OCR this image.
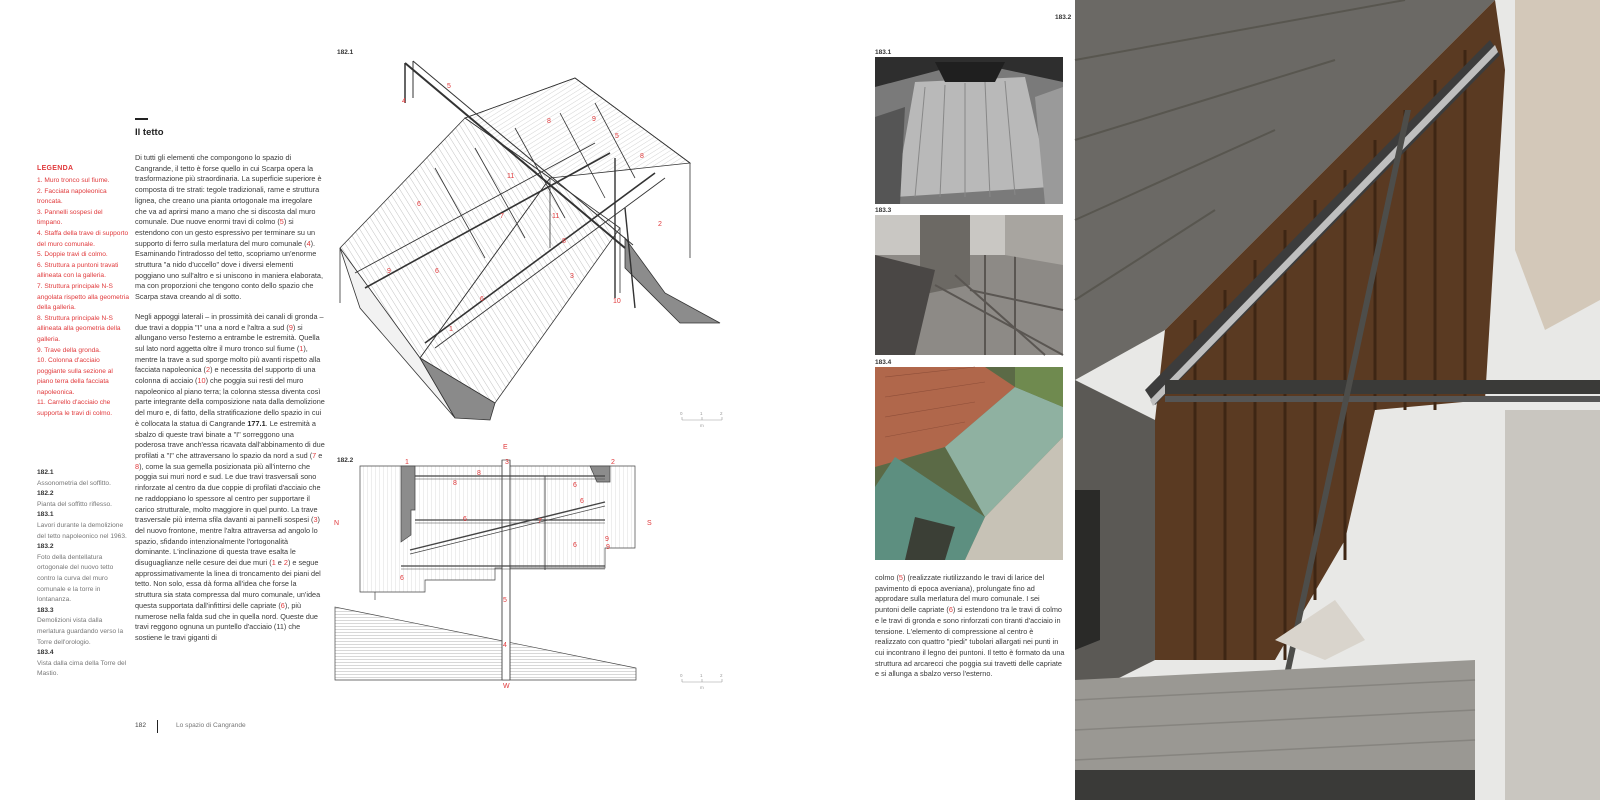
LEGENDA
1. Muro tronco sul fiume.
2. Facciata napoleonica troncata.
3. Pannelli sospesi del timpano.
4. Staffa della trave di supporto del muro comunale.
5. Doppie travi di colmo.
6. Struttura a puntoni travati allineata con la galleria.
7. Struttura principale N-S angolata rispetto alla geometria della galleria.
8. Struttura principale N-S allineata alla geometria della galleria.
9. Trave della gronda.
10. Colonna d'acciaio poggiante sulla sezione al piano terra della facciata napoleonica.
11. Carrello d'acciaio che supporta le travi di colmo.
182.1
Assonometria del soffitto.
182.2
Pianta del soffitto riflesso.
183.1
Lavori durante la demolizione del tetto napoleonico nel 1963.
183.2
Foto della dentellatura ortogonale del nuovo tetto contro la curva del muro comunale e la torre in lontananza.
183.3
Demolizioni vista dalla merlatura guardando verso la Torre dell'orologio.
183.4
Vista dalla cima della Torre del Mastio.
Il tetto

Di tutti gli elementi che compongono lo spazio di Cangrande, il tetto è forse quello in cui Scarpa opera la trasformazione più straordinaria. La superficie superiore è composta di tre strati: tegole tradizionali, rame e struttura lignea, che creano una pianta ortogonale ma irregolare che va ad aprirsi mano a mano che si discosta dal muro comunale. Due nuove enormi travi di colmo (5) si estendono con un gesto espressivo per terminare su un supporto di ferro sulla merlatura del muro comunale (4). Esaminando l'intradosso del tetto, scopriamo un'enorme struttura "a nido d'uccello" dove i diversi elementi poggiano uno sull'altro e si uniscono in maniera elaborata, ma con proporzioni che tengono conto dello spazio che Scarpa stava creando al di sotto.

Negli appoggi laterali – in prossimità dei canali di gronda – due travi a doppia "I" una a nord e l'altra a sud (9) si allungano verso l'esterno a entrambe le estremità. Quella sul lato nord aggetta oltre il muro tronco sul fiume (1), mentre la trave a sud sporge molto più avanti rispetto alla facciata napoleonica (2) e necessita del supporto di una colonna di acciaio (10) che poggia sui resti del muro napoleonico al piano terra; la colonna stessa diventa così parte integrante della composizione nata dalla demolizione del muro e, di fatto, della stratificazione dello spazio in cui è collocata la statua di Cangrande 177.1. Le estremità a sbalzo di queste travi binate a "I" sorreggono una poderosa trave anch'essa ricavata dall'abbinamento di due profilati a "I" che attraversano lo spazio da nord a sud (7 e 8), come la sua gemella posizionata più all'interno che poggia sui muri nord e sud. Le due travi trasversali sono rinforzate al centro da due coppie di profilati d'acciaio che ne raddoppiano lo spessore al centro per supportare il carico strutturale, molto maggiore in quel punto. La trave trasversale più interna sfila davanti ai pannelli sospesi (3) del nuovo frontone, mentre l'altra attraversa ad angolo lo spazio, sfidando intenzionalmente l'ortogonalità dominante. L'inclinazione di questa trave esalta le disuguaglianze nelle cesure dei due muri (1 e 2) e segue approssimativamente la linea di troncamento dei piani del tetto. Non solo, essa dà forma all'idea che forse la struttura sia stata compressa dal muro comunale, un'idea questa supportata dall'infittirsi delle capriate (6), più numerose nella falda sud che in quella nord. Queste due travi reggono ognuna un puntello d'acciaio (11) che sostiene le travi giganti di

colmo (5) (realizzate riutilizzando le travi di larice del pavimento di epoca aveniana), prolungate fino ad approdare sulla merlatura del muro comunale. I sei puntoni delle capriate (6) si estendono tra le travi di colmo e le travi di gronda e sono rinforzati con tiranti d'acciaio in tensione. L'elemento di compressione al centro è realizzato con quattro "piedi" tubolari allargati nei punti in cui incontrano il legno dei puntoni. Il tetto è formato da una struttura ad arcarecci che poggia sui travetti delle capriate e si allunga a sbalzo verso l'esterno.

182.1
5
4
8	9
5
8
11
6
7	11
2
9	6
8
3
6	10
1
0	1	2
m
182.2	1
8
3	2
8	6
6
6	7
6	9
6
5
4
9
E
W
N	S
0	1	2
m
183.1
183.3
183.4
183.2
182	Lo spazio di Cangrande
